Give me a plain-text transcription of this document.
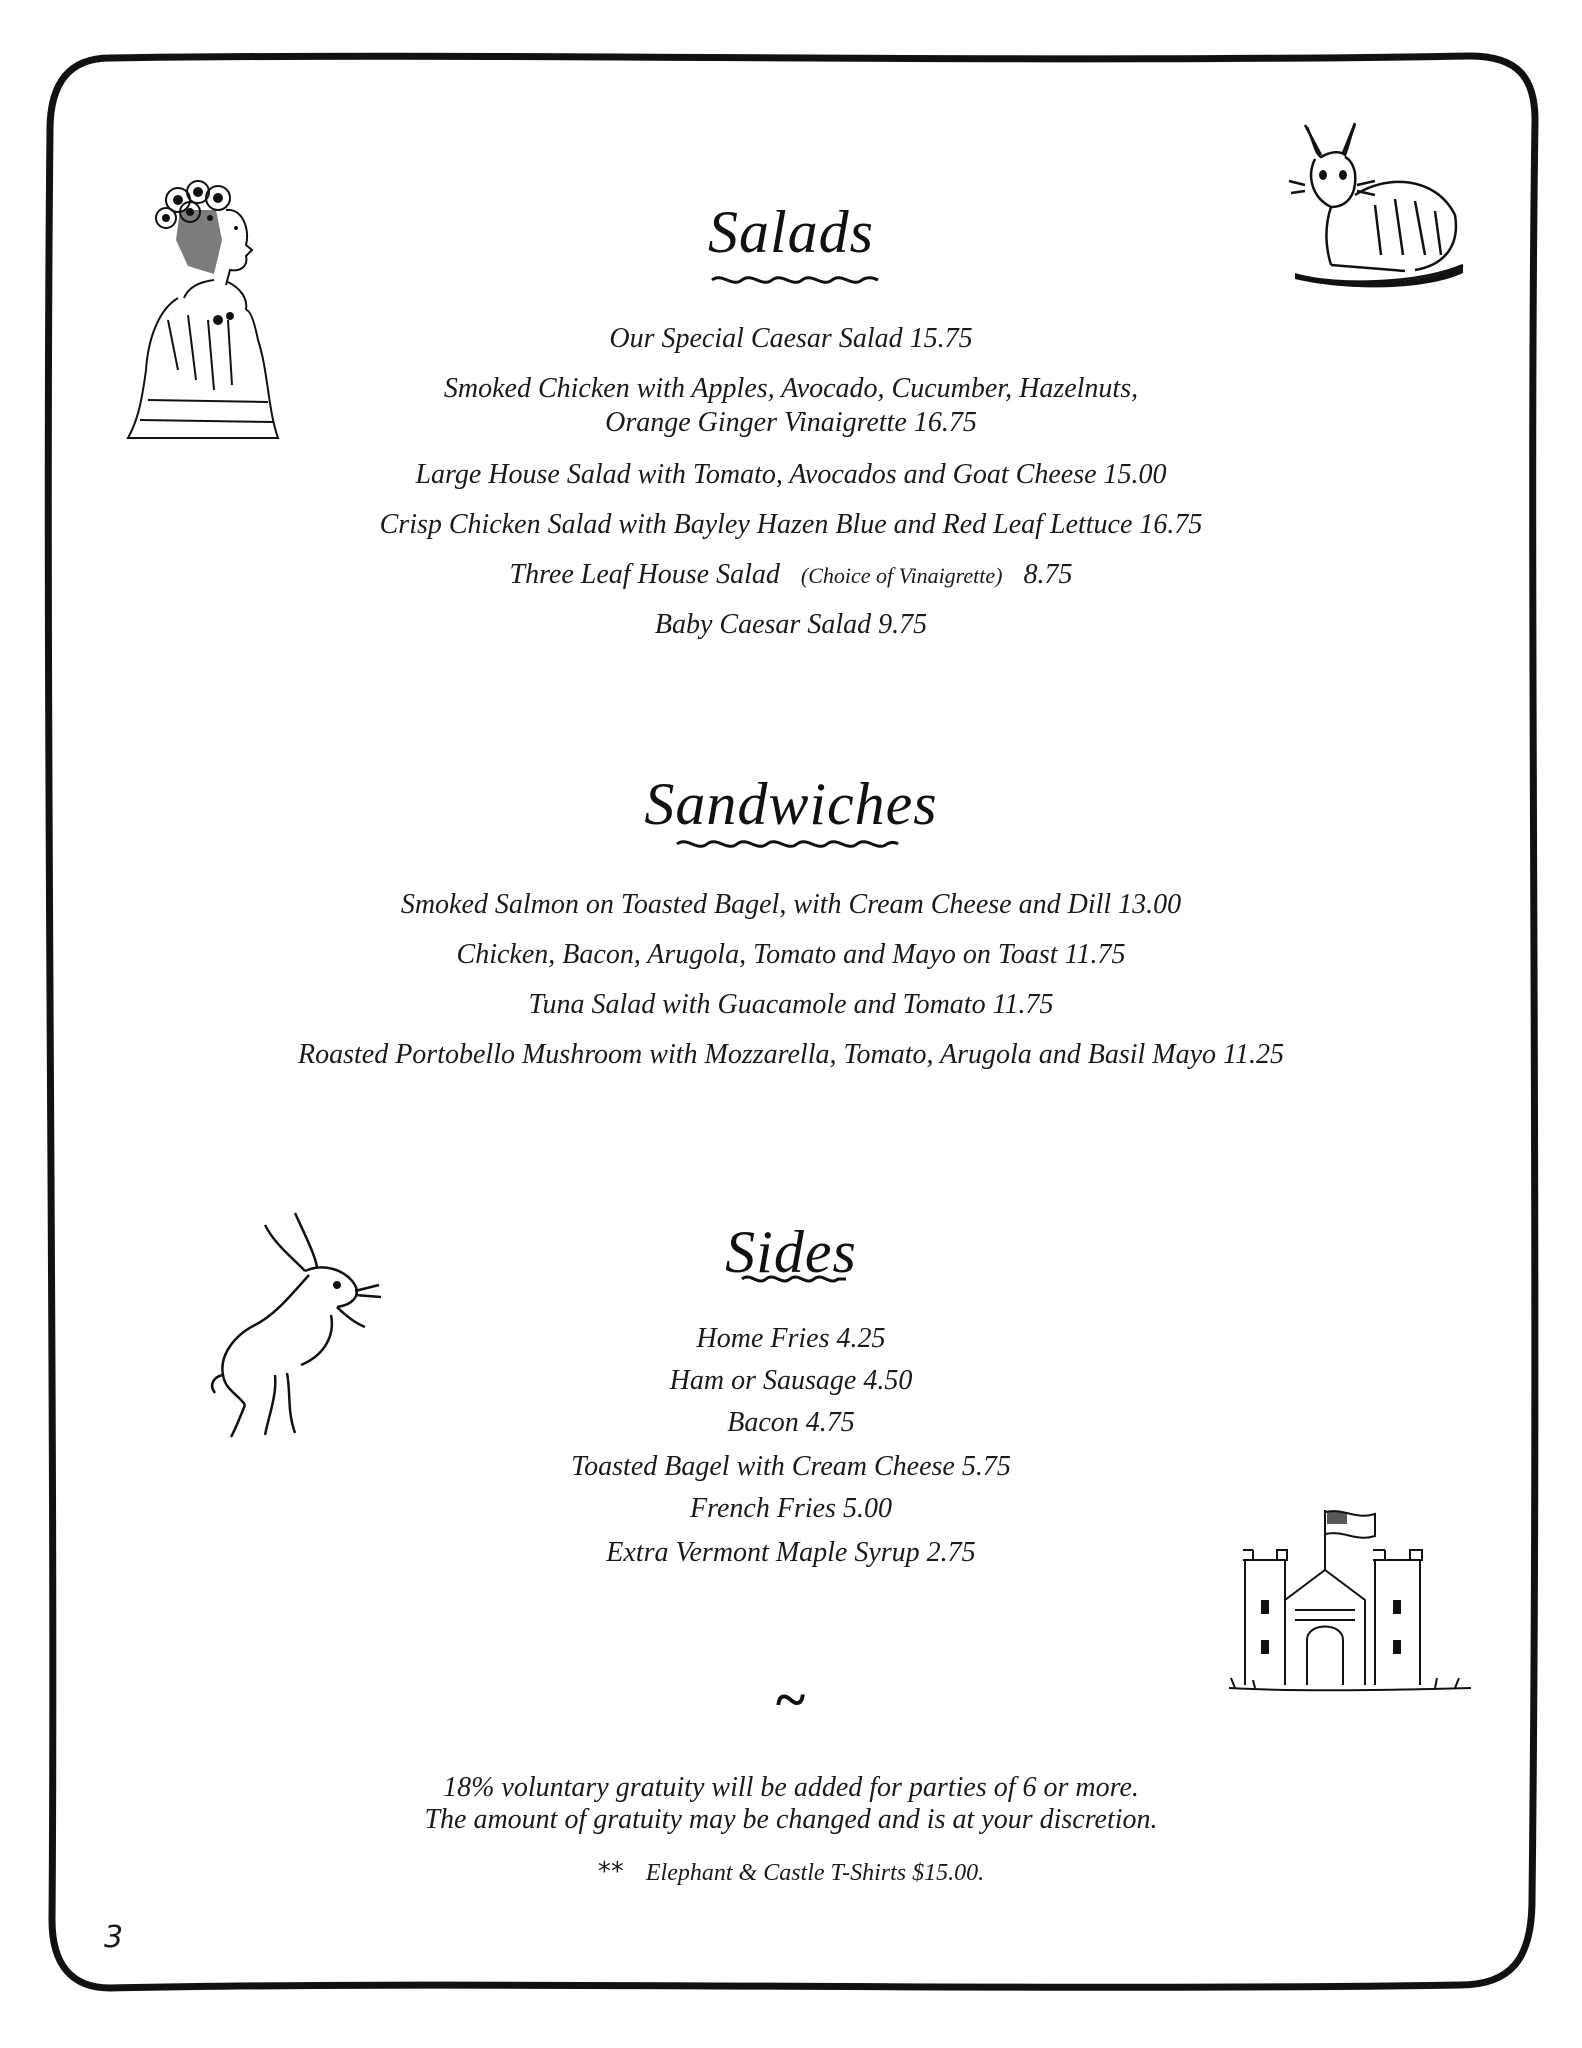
Salads
Our Special Caesar Salad 15.75
Smoked Chicken with Apples, Avocado, Cucumber, Hazelnuts,
Orange Ginger Vinaigrette 16.75
Large House Salad with Tomato, Avocados and Goat Cheese 15.00
Crisp Chicken Salad with Bayley Hazen Blue and Red Leaf Lettuce 16.75
Three Leaf House Salad (Choice of Vinaigrette) 8.75
Baby Caesar Salad 9.75
Sandwiches
Smoked Salmon on Toasted Bagel, with Cream Cheese and Dill 13.00
Chicken, Bacon, Arugola, Tomato and Mayo on Toast 11.75
Tuna Salad with Guacamole and Tomato 11.75
Roasted Portobello Mushroom with Mozzarella, Tomato, Arugola and Basil Mayo 11.25
Sides
Home Fries 4.25
Ham or Sausage 4.50
Bacon 4.75
Toasted Bagel with Cream Cheese 5.75
French Fries 5.00
Extra Vermont Maple Syrup 2.75
~
18% voluntary gratuity will be added for parties of 6 or more.
The amount of gratuity may be changed and is at your discretion.
** Elephant & Castle T-Shirts $15.00.
3
